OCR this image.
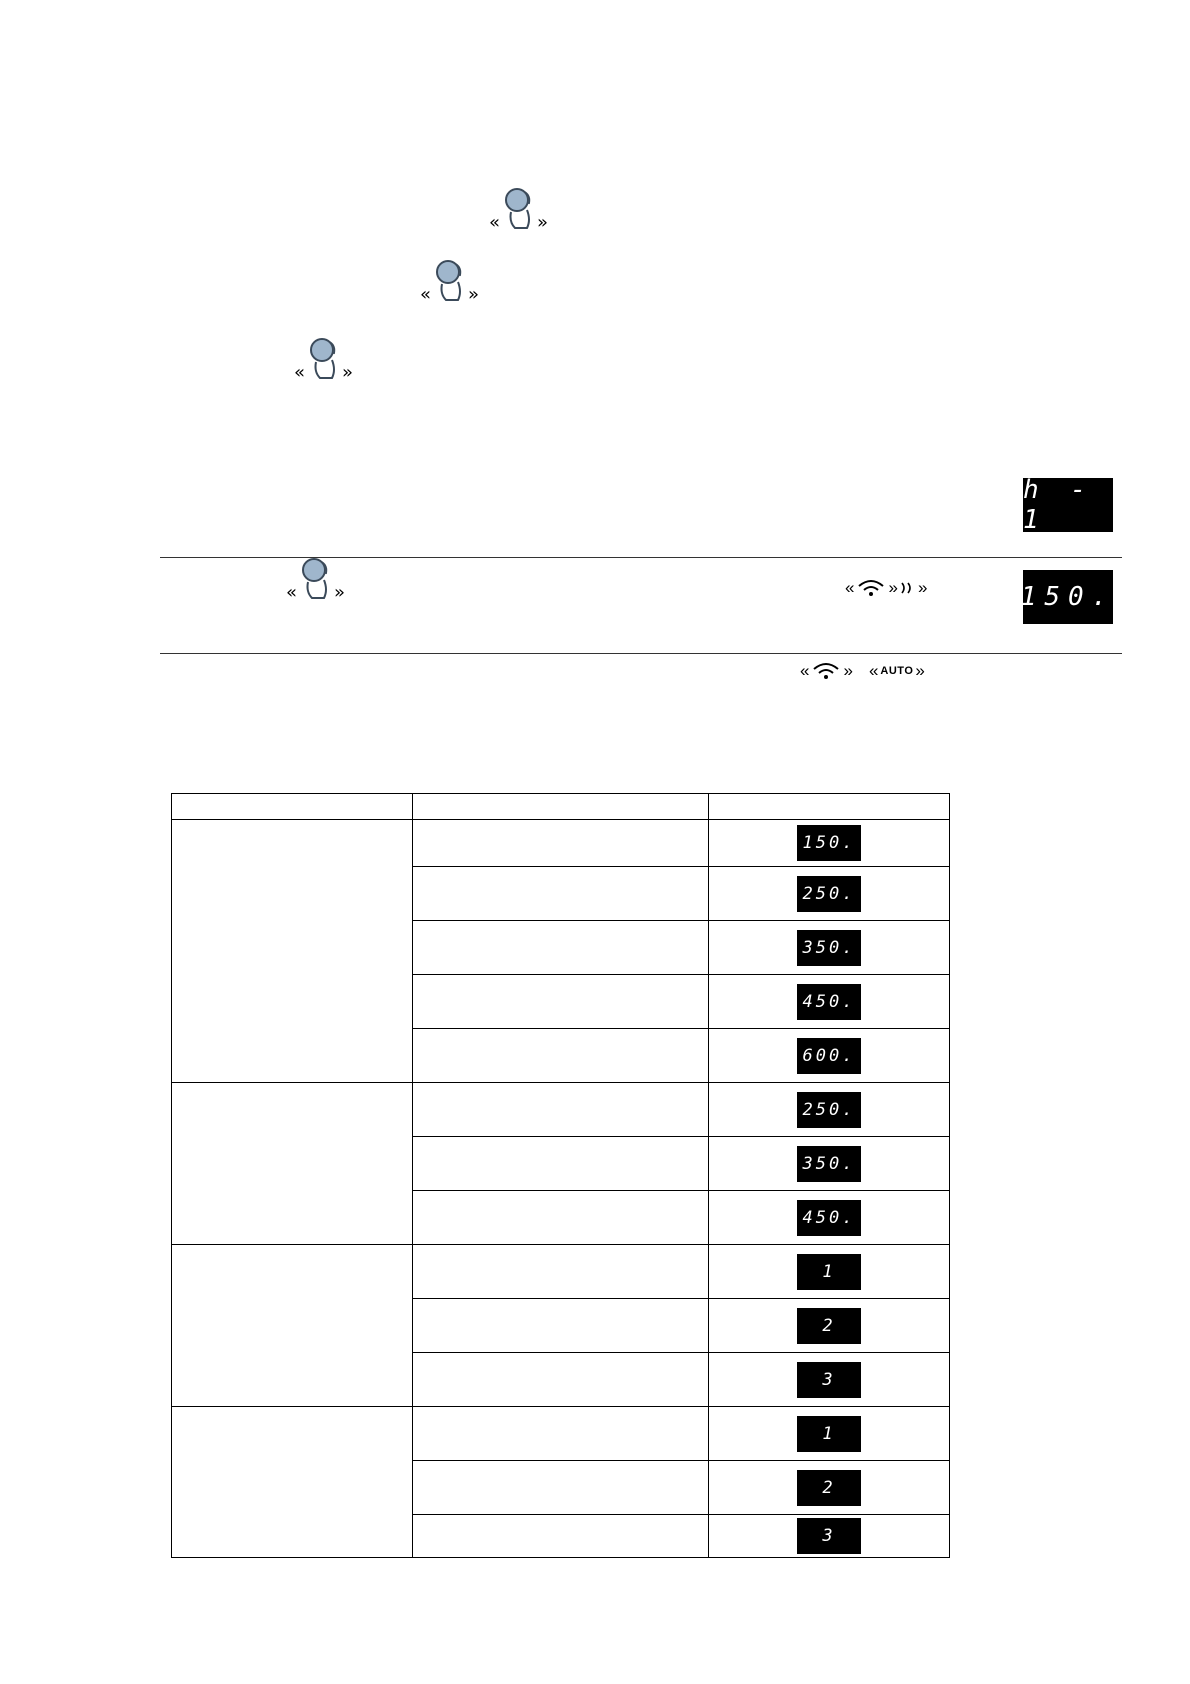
« »
« »
« »
« »
h - 1
150.
« » »
« » « AUTO »

		150.

		250.

		350.

		450.

		600.

		250.

		350.

		450.

		1

		2

		3

		1

		2

		3
